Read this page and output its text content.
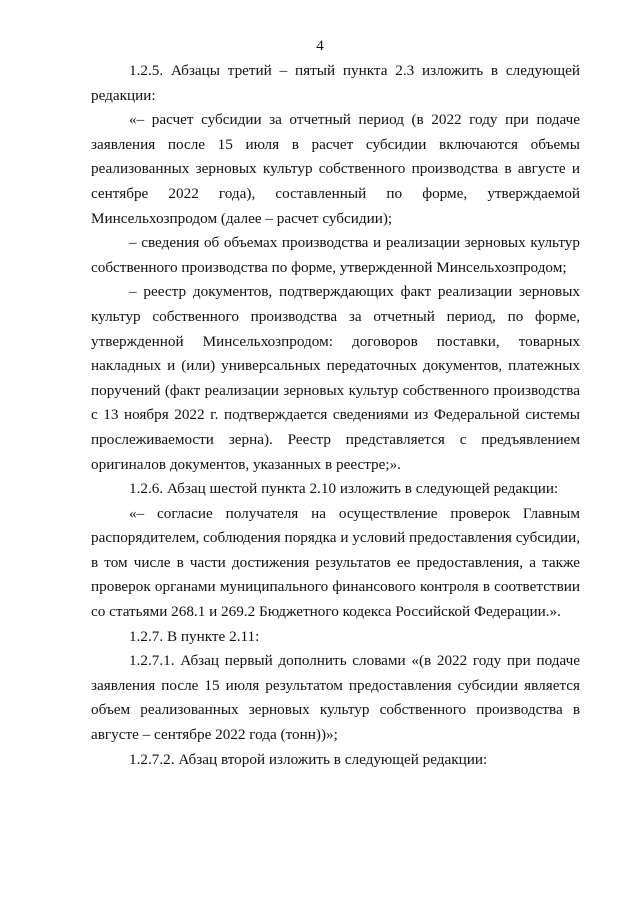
4

1.2.5. Абзацы третий – пятый пункта 2.3 изложить в следующей редакции:

«– расчет субсидии за отчетный период (в 2022 году при подаче заявления после 15 июля в расчет субсидии включаются объемы реализованных зерновых культур собственного производства в августе и сентябре 2022 года), составленный по форме, утверждаемой Минсельхозпродом (далее – расчет субсидии);

– сведения об объемах производства и реализации зерновых культур собственного производства по форме, утвержденной Минсельхозпродом;

– реестр документов, подтверждающих факт реализации зерновых культур собственного производства за отчетный период, по форме, утвержденной Минсельхозпродом: договоров поставки, товарных накладных и (или) универсальных передаточных документов, платежных поручений (факт реализации зерновых культур собственного производства с 13 ноября 2022 г. подтверждается сведениями из Федеральной системы прослеживаемости зерна). Реестр представляется с предъявлением оригиналов документов, указанных в реестре;».

1.2.6. Абзац шестой пункта 2.10 изложить в следующей редакции:

«– согласие получателя на осуществление проверок Главным распорядителем, соблюдения порядка и условий предоставления субсидии, в том числе в части достижения результатов ее предоставления, а также проверок органами муниципального финансового контроля в соответствии со статьями 268.1 и 269.2 Бюджетного кодекса Российской Федерации.».

1.2.7. В пункте 2.11:

1.2.7.1. Абзац первый дополнить словами «(в 2022 году при подаче заявления после 15 июля результатом предоставления субсидии является объем реализованных зерновых культур собственного производства в августе – сентябре 2022 года (тонн))»;

1.2.7.2. Абзац второй изложить в следующей редакции:
